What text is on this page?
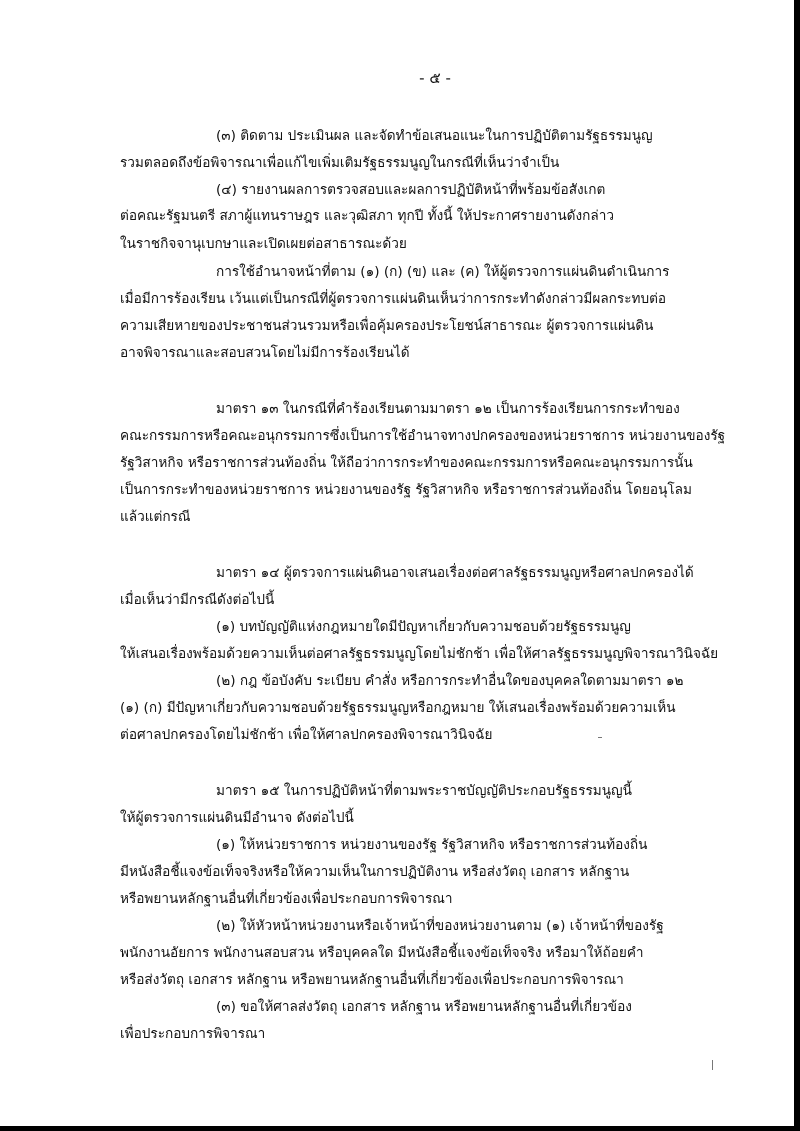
- ๕ -
(๓) ติดตาม ประเมินผล และจัดทำข้อเสนอแนะในการปฏิบัติตามรัฐธรรมนูญ
รวมตลอดถึงข้อพิจารณาเพื่อแก้ไขเพิ่มเติมรัฐธรรมนูญในกรณีที่เห็นว่าจำเป็น
(๔) รายงานผลการตรวจสอบและผลการปฏิบัติหน้าที่พร้อมข้อสังเกต
ต่อคณะรัฐมนตรี สภาผู้แทนราษฎร และวุฒิสภา ทุกปี ทั้งนี้ ให้ประกาศรายงานดังกล่าว
ในราชกิจจานุเบกษาและเปิดเผยต่อสาธารณะด้วย
การใช้อำนาจหน้าที่ตาม (๑) (ก) (ข) และ (ค) ให้ผู้ตรวจการแผ่นดินดำเนินการ
เมื่อมีการร้องเรียน เว้นแต่เป็นกรณีที่ผู้ตรวจการแผ่นดินเห็นว่าการกระทำดังกล่าวมีผลกระทบต่อ
ความเสียหายของประชาชนส่วนรวมหรือเพื่อคุ้มครองประโยชน์สาธารณะ ผู้ตรวจการแผ่นดิน
อาจพิจารณาและสอบสวนโดยไม่มีการร้องเรียนได้
มาตรา ๑๓ ในกรณีที่คำร้องเรียนตามมาตรา ๑๒ เป็นการร้องเรียนการกระทำของ
คณะกรรมการหรือคณะอนุกรรมการซึ่งเป็นการใช้อำนาจทางปกครองของหน่วยราชการ หน่วยงานของรัฐ
รัฐวิสาหกิจ หรือราชการส่วนท้องถิ่น ให้ถือว่าการกระทำของคณะกรรมการหรือคณะอนุกรรมการนั้น
เป็นการกระทำของหน่วยราชการ หน่วยงานของรัฐ รัฐวิสาหกิจ หรือราชการส่วนท้องถิ่น โดยอนุโลม
แล้วแต่กรณี
มาตรา ๑๔ ผู้ตรวจการแผ่นดินอาจเสนอเรื่องต่อศาลรัฐธรรมนูญหรือศาลปกครองได้
เมื่อเห็นว่ามีกรณีดังต่อไปนี้
(๑) บทบัญญัติแห่งกฎหมายใดมีปัญหาเกี่ยวกับความชอบด้วยรัฐธรรมนูญ
ให้เสนอเรื่องพร้อมด้วยความเห็นต่อศาลรัฐธรรมนูญโดยไม่ชักช้า เพื่อให้ศาลรัฐธรรมนูญพิจารณาวินิจฉัย
(๒) กฎ ข้อบังคับ ระเบียบ คำสั่ง หรือการกระทำอื่นใดของบุคคลใดตามมาตรา ๑๒
(๑) (ก) มีปัญหาเกี่ยวกับความชอบด้วยรัฐธรรมนูญหรือกฎหมาย ให้เสนอเรื่องพร้อมด้วยความเห็น
ต่อศาลปกครองโดยไม่ชักช้า เพื่อให้ศาลปกครองพิจารณาวินิจฉัย
มาตรา ๑๕ ในการปฏิบัติหน้าที่ตามพระราชบัญญัติประกอบรัฐธรรมนูญนี้
ให้ผู้ตรวจการแผ่นดินมีอำนาจ ดังต่อไปนี้
(๑) ให้หน่วยราชการ หน่วยงานของรัฐ รัฐวิสาหกิจ หรือราชการส่วนท้องถิ่น
มีหนังสือชี้แจงข้อเท็จจริงหรือให้ความเห็นในการปฏิบัติงาน หรือส่งวัตถุ เอกสาร หลักฐาน
หรือพยานหลักฐานอื่นที่เกี่ยวข้องเพื่อประกอบการพิจารณา
(๒) ให้หัวหน้าหน่วยงานหรือเจ้าหน้าที่ของหน่วยงานตาม (๑) เจ้าหน้าที่ของรัฐ
พนักงานอัยการ พนักงานสอบสวน หรือบุคคลใด มีหนังสือชี้แจงข้อเท็จจริง หรือมาให้ถ้อยคำ
หรือส่งวัตถุ เอกสาร หลักฐาน หรือพยานหลักฐานอื่นที่เกี่ยวข้องเพื่อประกอบการพิจารณา
(๓) ขอให้ศาลส่งวัตถุ เอกสาร หลักฐาน หรือพยานหลักฐานอื่นที่เกี่ยวข้อง
เพื่อประกอบการพิจารณา
